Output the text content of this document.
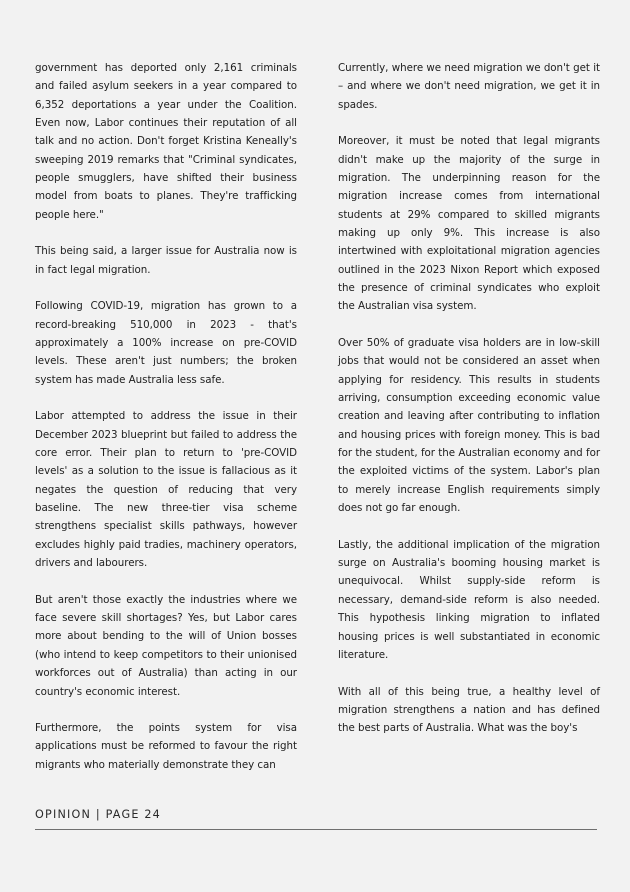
government has deported only 2,161 criminals and failed asylum seekers in a year compared to 6,352 deportations a year under the Coalition. Even now, Labor continues their reputation of all talk and no action. Don't forget Kristina Keneally's sweeping 2019 remarks that "Criminal syndicates, people smugglers, have shifted their business model from boats to planes. They're trafficking people here."

This being said, a larger issue for Australia now is in fact legal migration.

Following COVID-19, migration has grown to a record-breaking 510,000 in 2023 - that's approximately a 100% increase on pre-COVID levels. These aren't just numbers; the broken system has made Australia less safe.

Labor attempted to address the issue in their December 2023 blueprint but failed to address the core error. Their plan to return to 'pre-COVID levels' as a solution to the issue is fallacious as it negates the question of reducing that very baseline. The new three-tier visa scheme strengthens specialist skills pathways, however excludes highly paid tradies, machinery operators, drivers and labourers.

But aren't those exactly the industries where we face severe skill shortages? Yes, but Labor cares more about bending to the will of Union bosses (who intend to keep competitors to their unionised workforces out of Australia) than acting in our country's economic interest.

Furthermore, the points system for visa applications must be reformed to favour the right migrants who materially demonstrate they can

Currently, where we need migration we don't get it – and where we don't need migration, we get it in spades.

Moreover, it must be noted that legal migrants didn't make up the majority of the surge in migration. The underpinning reason for the migration increase comes from international students at 29% compared to skilled migrants making up only 9%. This increase is also intertwined with exploitational migration agencies outlined in the 2023 Nixon Report which exposed the presence of criminal syndicates who exploit the Australian visa system.

Over 50% of graduate visa holders are in low-skill jobs that would not be considered an asset when applying for residency. This results in students arriving, consumption exceeding economic value creation and leaving after contributing to inflation and housing prices with foreign money. This is bad for the student, for the Australian economy and for the exploited victims of the system. Labor's plan to merely increase English requirements simply does not go far enough.

Lastly, the additional implication of the migration surge on Australia's booming housing market is unequivocal. Whilst supply-side reform is necessary, demand-side reform is also needed. This hypothesis linking migration to inflated housing prices is well substantiated in economic literature.

With all of this being true, a healthy level of migration strengthens a nation and has defined the best parts of Australia. What was the boy's

OPINION | PAGE 24
